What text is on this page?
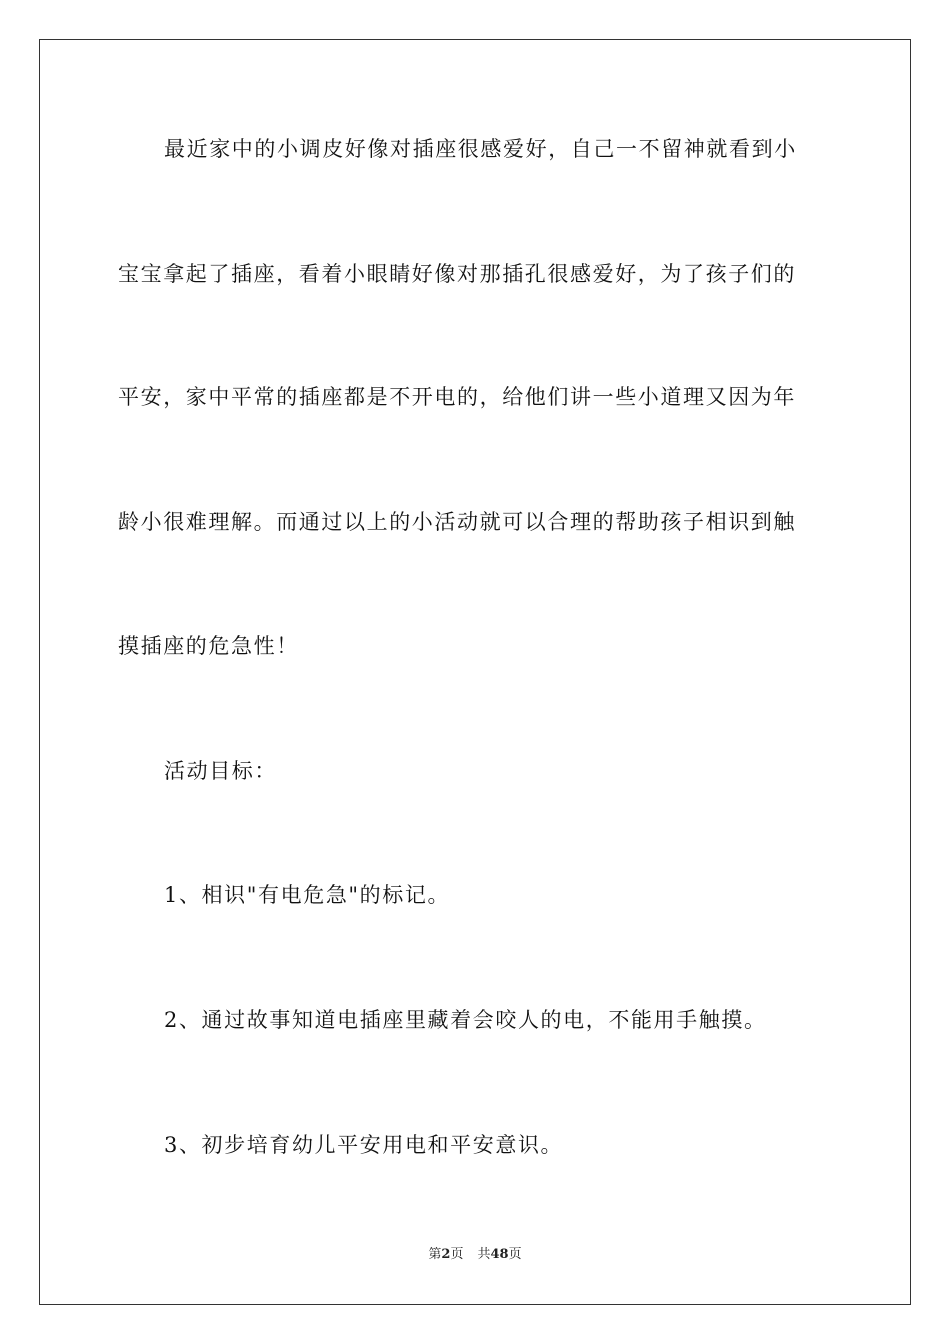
最近家中的小调皮好像对插座很感爱好，自己一不留神就看到小

宝宝拿起了插座，看着小眼睛好像对那插孔很感爱好，为了孩子们的

平安，家中平常的插座都是不开电的，给他们讲一些小道理又因为年

龄小很难理解。而通过以上的小活动就可以合理的帮助孩子相识到触

摸插座的危急性！

活动目标：

1、相识"有电危急"的标记。

2、通过故事知道电插座里藏着会咬人的电，不能用手触摸。

3、初步培育幼儿平安用电和平安意识。

第2页 共48页
